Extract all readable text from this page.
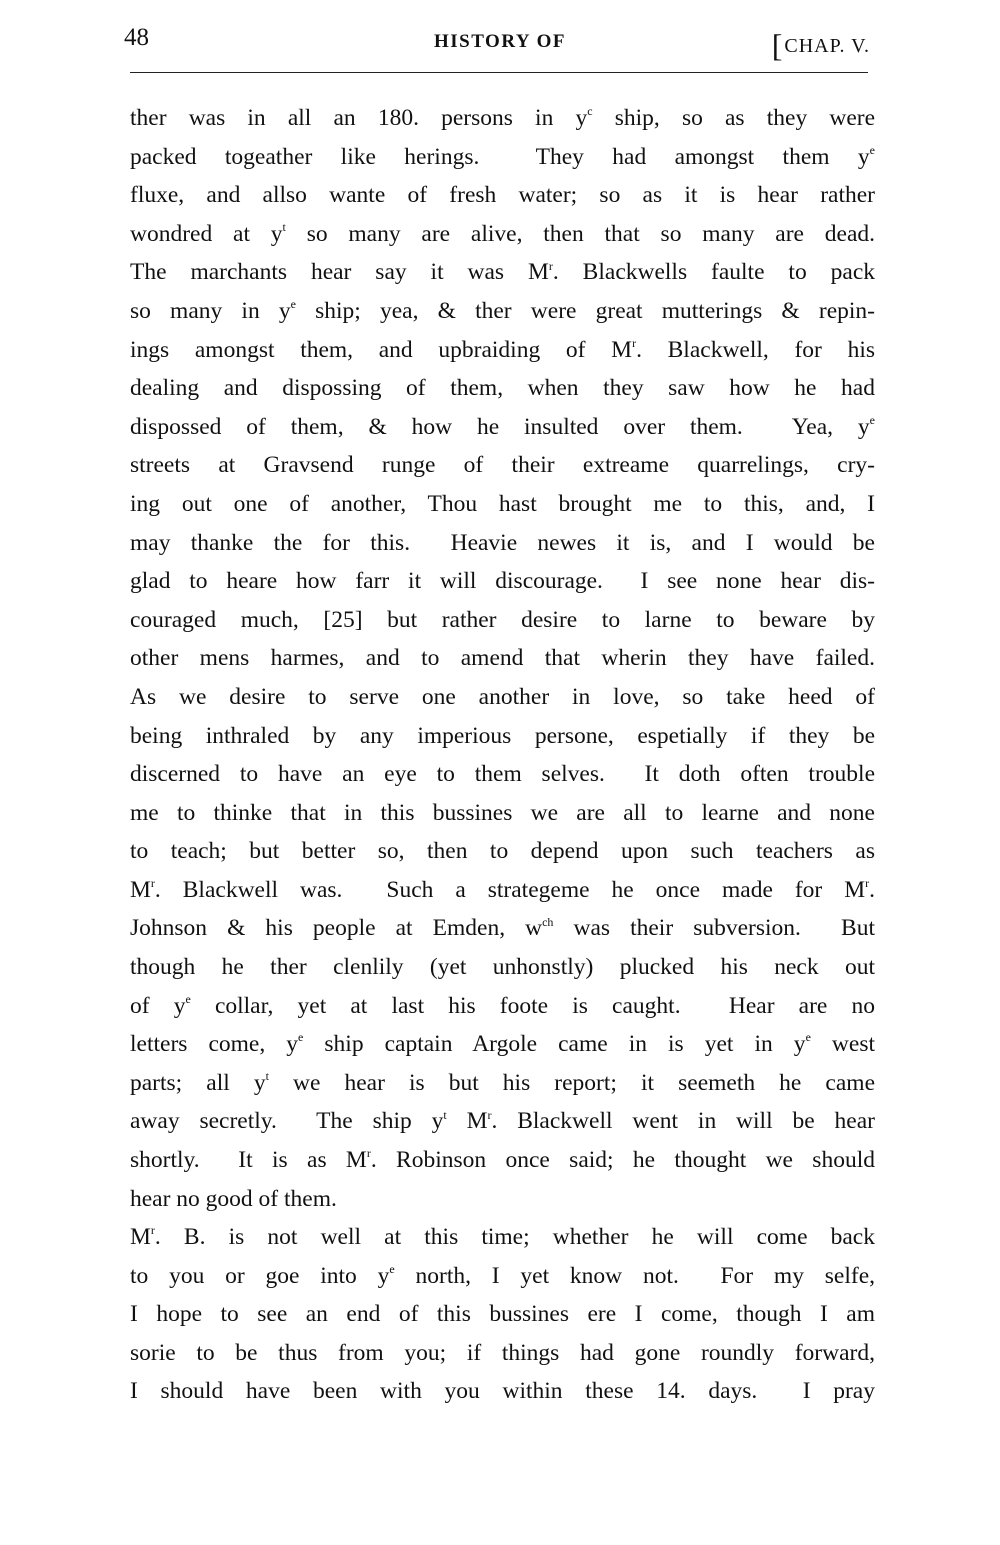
48	HISTORY OF	[CHAP. V.
ther was in all an 180. persons in $y^c$ ship, so as they were
packed togeather like herings.  They had amongst them $y^e$
fluxe, and allso wante of fresh water; so as it is hear rather
wondred at $y^t$ so many are alive, then that so many are dead.
The marchants hear say it was $M^r$. Blackwells faulte to pack
so many in $y^e$ ship; yea, & ther were great mutterings & repin-
ings amongst them, and upbraiding of $M^r$. Blackwell, for his
dealing and dispossing of them, when they saw how he had
dispossed of them, & how he insulted over them.  Yea, $y^e$
streets at Gravsend runge of their extreame quarrelings, cry-
ing out one of another, Thou hast brought me to this, and, I
may thanke the for this.  Heavie newes it is, and I would be
glad to heare how farr it will discourage.  I see none hear dis-
couraged much, [25] but rather desire to larne to beware by
other mens harmes, and to amend that wherin they have failed.
As we desire to serve one another in love, so take heed of
being inthraled by any imperious persone, espetially if they be
discerned to have an eye to them selves.  It doth often trouble
me to thinke that in this bussines we are all to learne and none
to teach; but better so, then to depend upon such teachers as
$M^r$. Blackwell was.  Such a strategeme he once made for $M^r$.
Johnson & his people at Emden, $w^{ch}$ was their subversion.  But
though he ther clenlily (yet unhonstly) plucked his neck out
of $y^e$ collar, yet at last his foote is caught.  Hear are no
letters come, $y^e$ ship captain Argole came in is yet in $y^e$ west
parts; all $y^t$ we hear is but his report; it seemeth he came
away secretly.  The ship $y^t$ $M^r$. Blackwell went in will be hear
shortly.  It is as $M^r$. Robinson once said; he thought we should
hear no good of them.
$M^r$. B. is not well at this time; whether he will come back
to you or goe into $y^e$ north, I yet know not.  For my selfe,
I hope to see an end of this bussines ere I come, though I am
sorie to be thus from you; if things had gone roundly forward,
I should have been with you within these 14. days.  I pray
